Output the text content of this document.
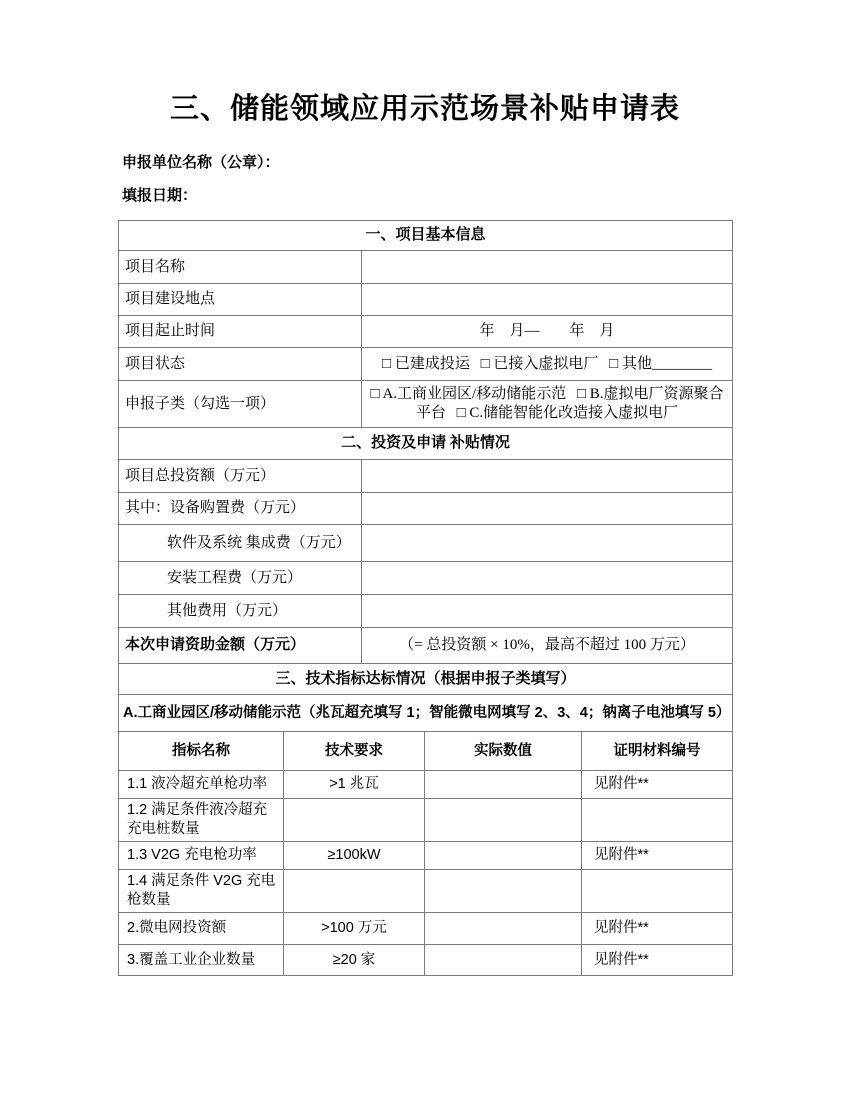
三、储能领域应用示范场景补贴申请表

申报单位名称（公章）：

填报日期：

一、项目基本信息	
项目名称	
项目建设地点	
项目起止时间	年　月—　　年　月
项目状态	□ 已建成投运 □ 已接入虚拟电厂 □ 其他________
申报子类（勾选一项）	□ A.工商业园区/移动储能示范 □ B.虚拟电厂资源聚合平台 □ C.储能智能化改造接入虚拟电厂
二、投资及申请 补贴情况	
项目总投资额（万元）	
其中：设备购置费（万元）	
软件及系统 集成费（万元）	
安装工程费（万元）	
其他费用（万元）	
本次申请资助金额（万元）	（= 总投资额 × 10%，最高不超过 100 万元）
三、技术指标达标情况（根据申报子类填写）	
A.工商业园区/移动储能示范（兆瓦超充填写 1；智能微电网填写 2、3、4；钠离子电池填写 5）			
指标名称	技术要求	实际数值	证明材料编号
1.1 液冷超充单枪功率	>1 兆瓦		见附件**
1.2 满足条件液冷超充充电桩数量			
1.3 V2G 充电枪功率	≥100kW		见附件**
1.4 满足条件 V2G 充电枪数量			
2.微电网投资额	>100 万元		见附件**
3.覆盖工业企业数量	≥20 家		见附件**
